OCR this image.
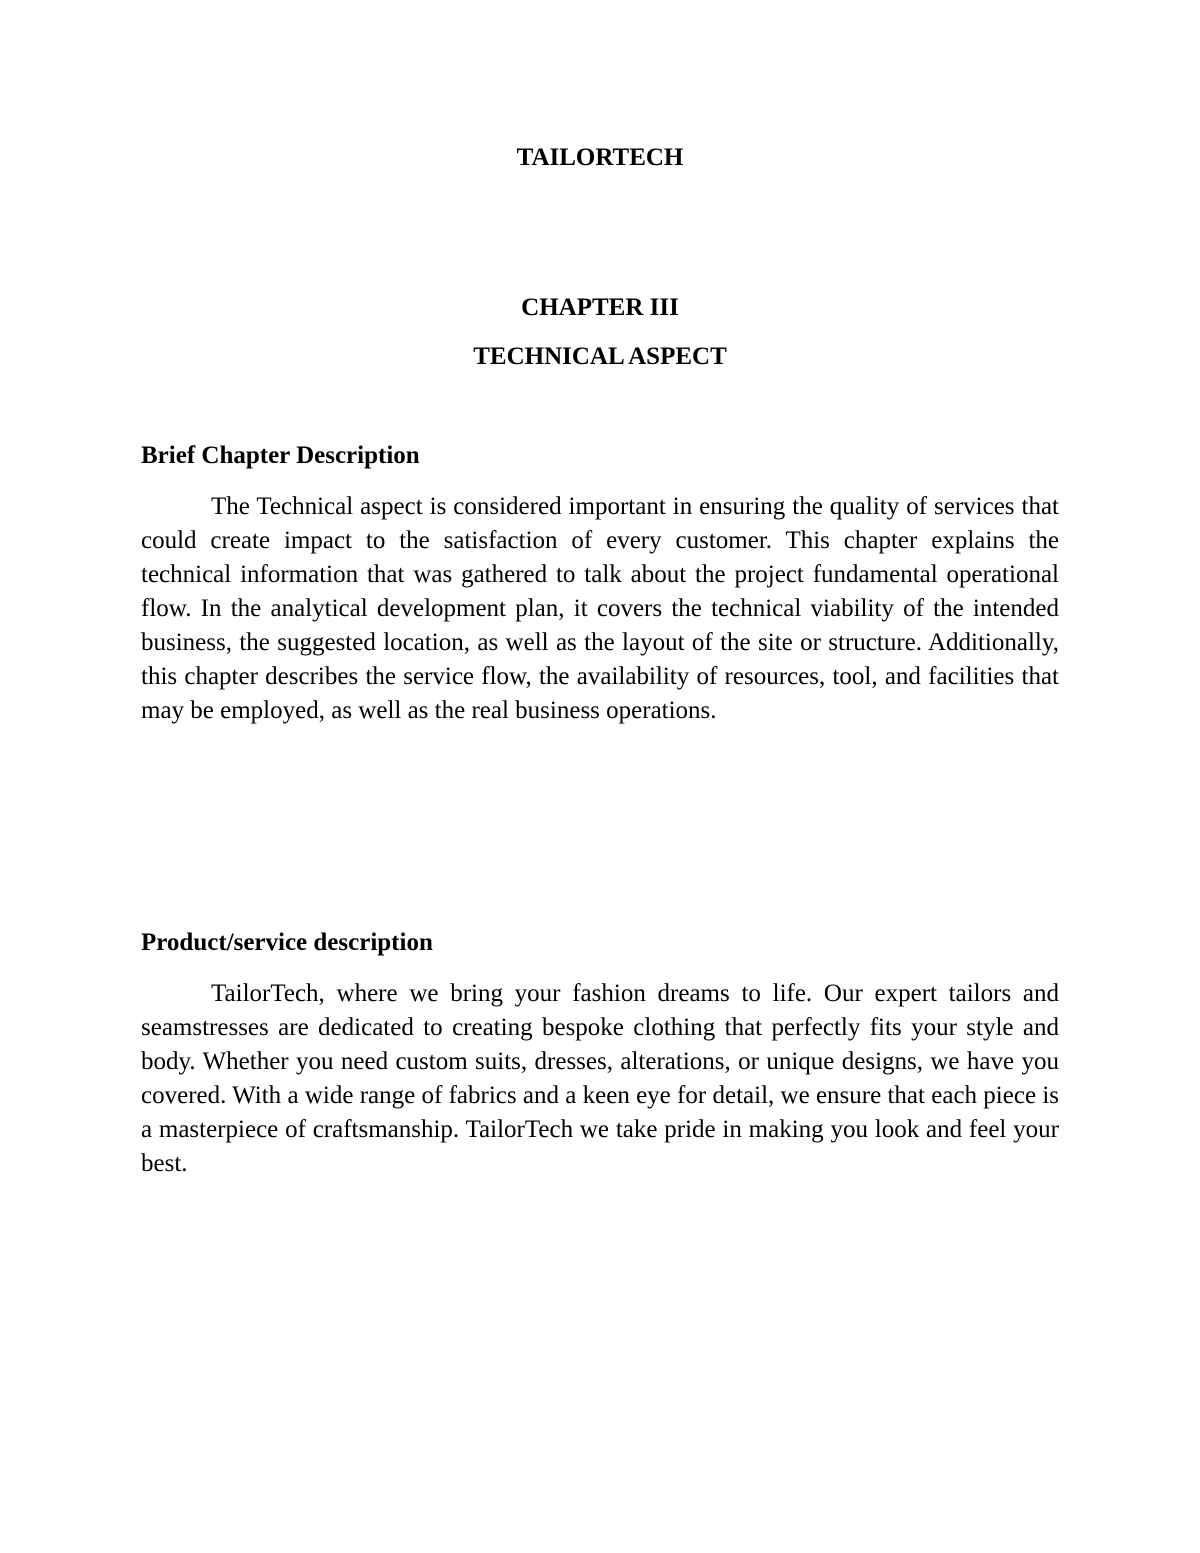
TAILORTECH
CHAPTER III
TECHNICAL ASPECT
Brief Chapter Description

The Technical aspect is considered important in ensuring the quality of services that could create impact to the satisfaction of every customer. This chapter explains the technical information that was gathered to talk about the project fundamental operational flow. In the analytical development plan, it covers the technical viability of the intended business, the suggested location, as well as the layout of the site or structure. Additionally, this chapter describes the service flow, the availability of resources, tool, and facilities that may be employed, as well as the real business operations.

Product/service description

TailorTech, where we bring your fashion dreams to life. Our expert tailors and seamstresses are dedicated to creating bespoke clothing that perfectly fits your style and body. Whether you need custom suits, dresses, alterations, or unique designs, we have you covered. With a wide range of fabrics and a keen eye for detail, we ensure that each piece is a masterpiece of craftsmanship. TailorTech we take pride in making you look and feel your best.
